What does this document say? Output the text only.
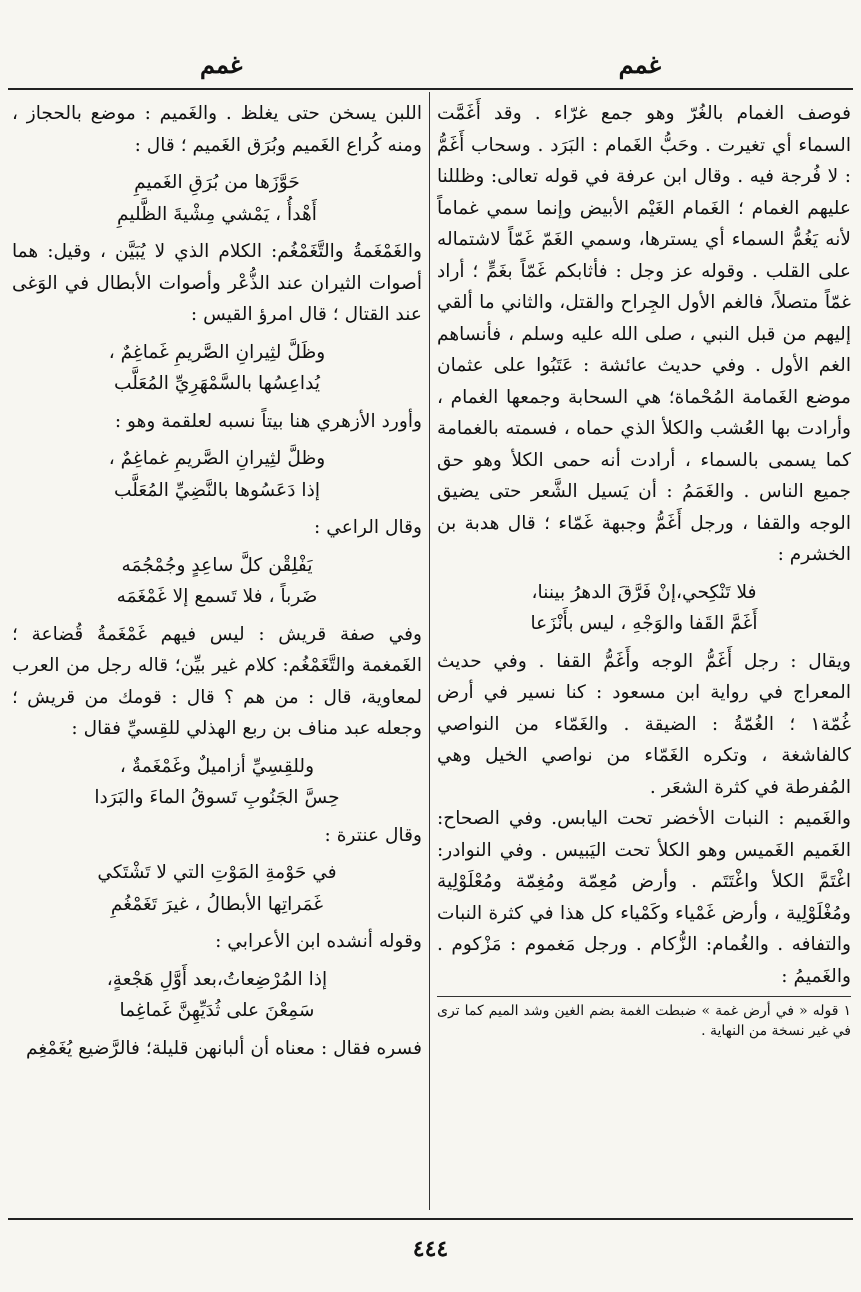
غمم
غمم

فوصف الغمام بالغُرّ وهو جمع غرّاء . وقد أَغَمَّت السماء أي تغيرت . وحَبُّ الغَمام : البَرَد . وسحاب أَغَمُّ : لا فُرجة فيه . وقال ابن عرفة في قوله تعالى: وظللنا عليهم الغمام ؛ الغَمام الغَيْم الأبيض وإنما سمي غماماً لأنه يَغُمُّ السماء أي يسترها، وسمي الغَمّ غَمّاً لاشتماله على القلب . وقوله عز وجل : فأثابكم غَمّاً بغَمٍّ ؛ أراد غمّاً متصلاً، فالغم الأول الجِراح والقتل، والثاني ما ألقي إليهم من قبل النبي ، صلى الله عليه وسلم ، فأنساهم الغم الأول . وفي حديث عائشة : عَتَبُوا على عثمان موضع الغَمامة المُحْماة؛ هي السحابة وجمعها الغمام ، وأرادت بها العُشب والكلأ الذي حماه ، فسمته بالغمامة كما يسمى بالسماء ، أرادت أنه حمى الكلأ وهو حق جميع الناس . والغَمَمُ : أن يَسيل الشَّعر حتى يضيق الوجه والقفا ، ورجل أَغَمُّ وجبهة غَمّاء ؛ قال هدبة بن الخشرم :

فلا تَنْكِحي،إنْ فَرَّقَ الدهرُ بيننا،
أَغَمَّ القَفا والوَجْهِ ، ليس بأَنْزَعا

ويقال : رجل أَغَمُّ الوجه وأَغَمُّ القفا . وفي حديث المعراج في رواية ابن مسعود : كنا نسير في أرض غُمّة١ ؛ الغُمّةُ : الضيقة . والغَمّاء من النواصي كالفاشغة ، وتكره الغَمّاء من نواصي الخيل وهي المُفرطة في كثرة الشعَر .

والغَميم : النبات الأخضر تحت اليابس. وفي الصحاح: الغَميم الغَميس وهو الكلأ تحت اليَبيس . وفي النوادر: اغْتَمَّ الكلأ واغْتَتَم . وأرض مُعِمّة ومُغِمّة ومُعْلَوْلِية ومُغْلَوْلِية ، وأرض غَمْياء وكَمْياء كل هذا في كثرة النبات والتفافه . والغُمام: الزُّكام . ورجل مَغموم : مَزْكوم . والغَميمُ :

١ قوله « في أرض غمة » ضبطت الغمة بضم الغين وشد الميم كما ترى في غير نسخة من النهاية .

اللبن يسخن حتى يغلظ . والغَميم : موضع بالحجاز ، ومنه كُراع الغَميم وبُرَق الغَميم ؛ قال :

حَوَّزَها من بُرَقِ الغَميمِ
أَهْدأُ ، يَمْشي مِشْيةَ الظَّليمِ

والغَمْغَمةُ والتَّغَمْغُم: الكلام الذي لا يُبَيَّن ، وقيل: هما أصوات الثيران عند الذُّعْر وأصوات الأبطال في الوَغى عند القتال ؛ قال امرؤ القيس :

وظَلَّ لثِيرانِ الصَّريمِ غَماغِمٌ ،
يُداعِسُها بالسَّمْهَرِيِّ المُعَلَّب

وأورد الأزهري هنا بيتاً نسبه لعلقمة وهو :

وظلَّ لثِيرانِ الصَّريمِ غماغِمٌ ،
إذا دَعَسُوها بالنَّضِيِّ المُعَلَّب

وقال الراعي :

يَفْلِقْن كلَّ ساعِدٍ وجُمْجُمَه
ضَرباً ، فلا تَسمع إلا غَمْغَمَه

وفي صفة قريش : ليس فيهم غَمْغَمةُ قُضاعة ؛ الغَمغمة والتَّغَمْغُم: كلام غير بيِّن؛ قاله رجل من العرب لمعاوية، قال : من هم ؟ قال : قومك من قريش ؛ وجعله عبد مناف بن ربع الهذلي للقِسيِّ فقال :

وللقِسِيِّ أزاميلٌ وغَمْغَمةٌ ،
حِسَّ الجَنُوبِ تَسوقُ الماءَ والبَرَدا

وقال عنترة :

في حَوْمةِ المَوْتِ التي لا تَشْتَكي
غَمَراتِها الأبطالُ ، غيرَ تَغَمْغُمِ

وقوله أنشده ابن الأعرابي :

إذا المُرْضِعاتُ،بعد أَوَّلِ هَجْعةٍ،
سَمِعْنَ على ثُدَيِّهِنَّ غَماغِما

فسره فقال : معناه أن ألبانهن قليلة؛ فالرَّضيع يُغَمْغِم

٤٤٤
